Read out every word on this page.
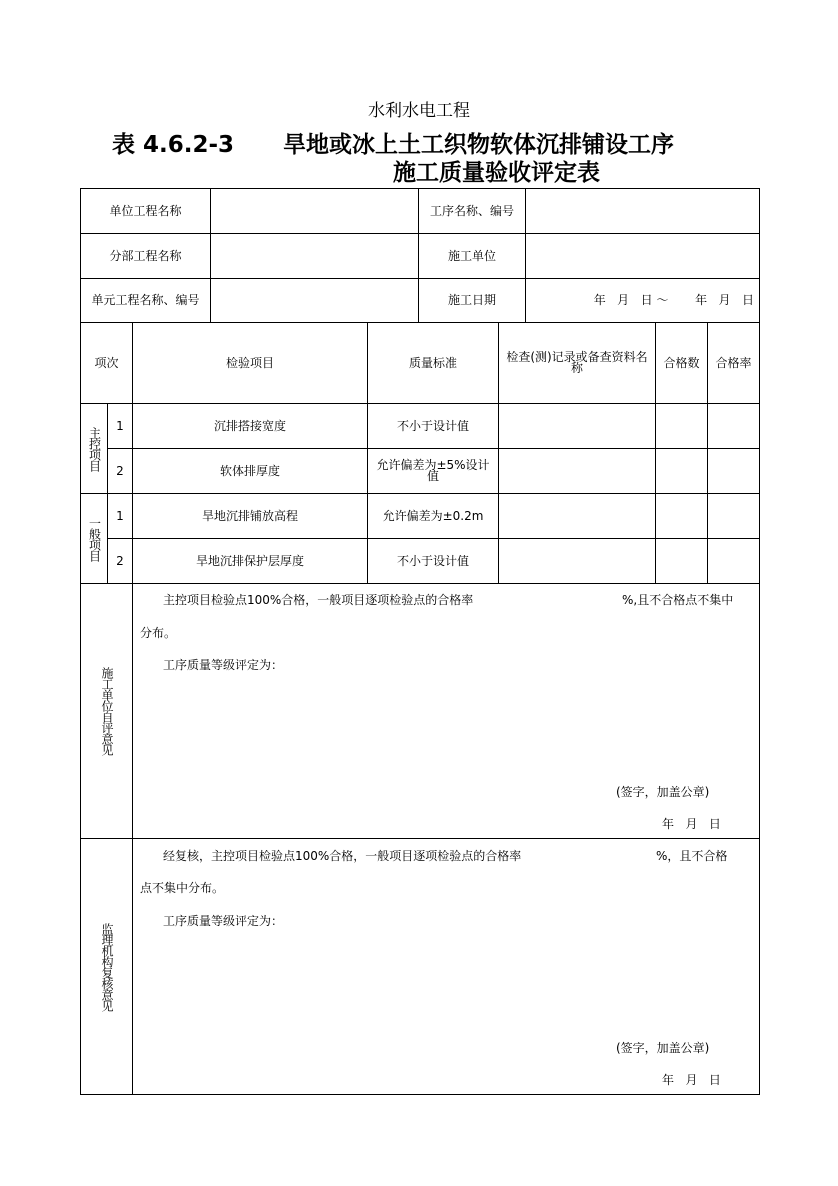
水利水电工程
表 4.6.2-3 旱地或冰上土工织物软体沉排铺设工序
施工质量验收评定表
单位工程名称	工序名称、编号
分部工程名称	施工单位
单元工程名称、编号	施工日期	年   月   日 ～       年   月   日
项次	检验项目	质量标准	检查(测)记录或备查资料名称	合格数	合格率
主控项目
1	沉排搭接宽度	不小于设计值
2	软体排厚度	允许偏差为±5%设计值
一般项目
1	旱地沉排铺放高程	允许偏差为±0.2m
2	旱地沉排保护层厚度	不小于设计值
施工单位自评意见
主控项目检验点100%合格，一般项目逐项检验点的合格率	%,且不合格点不集中
分布。
工序质量等级评定为：
(签字，加盖公章)
年   月   日
监理机构复核意见
经复核，主控项目检验点100%合格，一般项目逐项检验点的合格率	%，且不合格
点不集中分布。
工序质量等级评定为：
(签字，加盖公章)
年   月   日
